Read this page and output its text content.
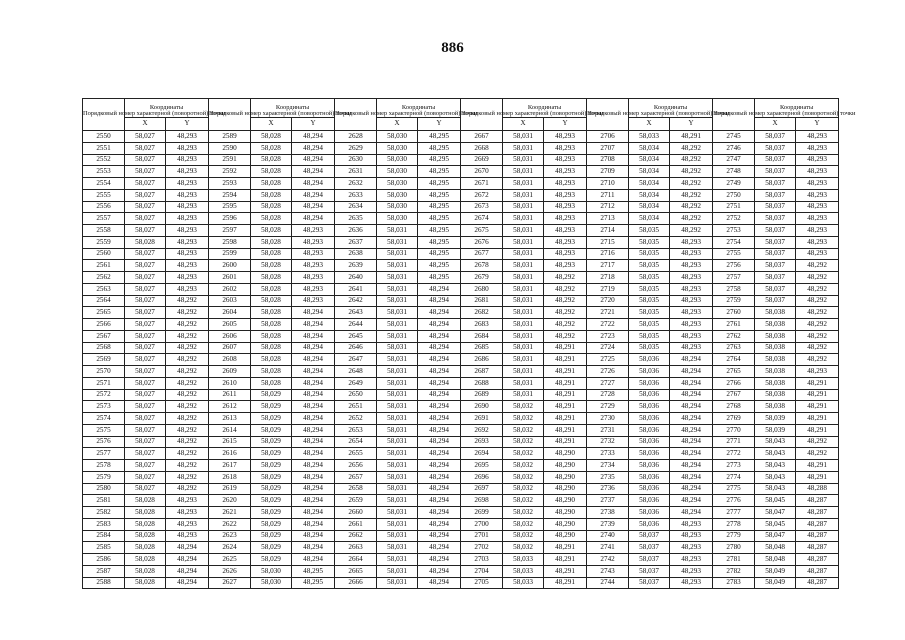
886
Порядковый номер характерной (поворотной) точки	Координаты		Порядковый номер характерной (поворотной) точки	Координаты		Порядковый номер характерной (поворотной) точки	Координаты		Порядковый номер характерной (поворотной) точки	Координаты		Порядковый номер характерной (поворотной) точки	Координаты		Порядковый номер характерной (поворотной) точки	Координаты	
	X	Y		X	Y		X	Y		X	Y		X	Y		X	Y
2550	58,027	48,293	2589	58,028	48,294	2628	58,030	48,295	2667	58,031	48,293	2706	58,033	48,291	2745	58,037	48,293
2551	58,027	48,293	2590	58,028	48,294	2629	58,030	48,295	2668	58,031	48,293	2707	58,034	48,292	2746	58,037	48,293
2552	58,027	48,293	2591	58,028	48,294	2630	58,030	48,295	2669	58,031	48,293	2708	58,034	48,292	2747	58,037	48,293
2553	58,027	48,293	2592	58,028	48,294	2631	58,030	48,295	2670	58,031	48,293	2709	58,034	48,292	2748	58,037	48,293
2554	58,027	48,293	2593	58,028	48,294	2632	58,030	48,295	2671	58,031	48,293	2710	58,034	48,292	2749	58,037	48,293
2555	58,027	48,293	2594	58,028	48,294	2633	58,030	48,295	2672	58,031	48,293	2711	58,034	48,292	2750	58,037	48,293
2556	58,027	48,293	2595	58,028	48,294	2634	58,030	48,295	2673	58,031	48,293	2712	58,034	48,292	2751	58,037	48,293
2557	58,027	48,293	2596	58,028	48,294	2635	58,030	48,295	2674	58,031	48,293	2713	58,034	48,292	2752	58,037	48,293
2558	58,027	48,293	2597	58,028	48,293	2636	58,031	48,295	2675	58,031	48,293	2714	58,035	48,292	2753	58,037	48,293
2559	58,028	48,293	2598	58,028	48,293	2637	58,031	48,295	2676	58,031	48,293	2715	58,035	48,293	2754	58,037	48,293
2560	58,027	48,293	2599	58,028	48,293	2638	58,031	48,295	2677	58,031	48,293	2716	58,035	48,293	2755	58,037	48,293
2561	58,027	48,293	2600	58,028	48,293	2639	58,031	48,295	2678	58,031	48,293	2717	58,035	48,293	2756	58,037	48,292
2562	58,027	48,293	2601	58,028	48,293	2640	58,031	48,295	2679	58,031	48,292	2718	58,035	48,293	2757	58,037	48,292
2563	58,027	48,293	2602	58,028	48,293	2641	58,031	48,294	2680	58,031	48,292	2719	58,035	48,293	2758	58,037	48,292
2564	58,027	48,292	2603	58,028	48,293	2642	58,031	48,294	2681	58,031	48,292	2720	58,035	48,293	2759	58,037	48,292
2565	58,027	48,292	2604	58,028	48,294	2643	58,031	48,294	2682	58,031	48,292	2721	58,035	48,293	2760	58,038	48,292
2566	58,027	48,292	2605	58,028	48,294	2644	58,031	48,294	2683	58,031	48,292	2722	58,035	48,293	2761	58,038	48,292
2567	58,027	48,292	2606	58,028	48,294	2645	58,031	48,294	2684	58,031	48,292	2723	58,035	48,293	2762	58,038	48,292
2568	58,027	48,292	2607	58,028	48,294	2646	58,031	48,294	2685	58,031	48,291	2724	58,035	48,293	2763	58,038	48,292
2569	58,027	48,292	2608	58,028	48,294	2647	58,031	48,294	2686	58,031	48,291	2725	58,036	48,294	2764	58,038	48,292
2570	58,027	48,292	2609	58,028	48,294	2648	58,031	48,294	2687	58,031	48,291	2726	58,036	48,294	2765	58,038	48,293
2571	58,027	48,292	2610	58,028	48,294	2649	58,031	48,294	2688	58,031	48,291	2727	58,036	48,294	2766	58,038	48,291
2572	58,027	48,292	2611	58,029	48,294	2650	58,031	48,294	2689	58,031	48,291	2728	58,036	48,294	2767	58,038	48,291
2573	58,027	48,292	2612	58,029	48,294	2651	58,031	48,294	2690	58,032	48,291	2729	58,036	48,294	2768	58,038	48,291
2574	58,027	48,292	2613	58,029	48,294	2652	58,031	48,294	2691	58,032	48,291	2730	58,036	48,294	2769	58,039	48,291
2575	58,027	48,292	2614	58,029	48,294	2653	58,031	48,294	2692	58,032	48,291	2731	58,036	48,294	2770	58,039	48,291
2576	58,027	48,292	2615	58,029	48,294	2654	58,031	48,294	2693	58,032	48,291	2732	58,036	48,294	2771	58,043	48,292
2577	58,027	48,292	2616	58,029	48,294	2655	58,031	48,294	2694	58,032	48,290	2733	58,036	48,294	2772	58,043	48,292
2578	58,027	48,292	2617	58,029	48,294	2656	58,031	48,294	2695	58,032	48,290	2734	58,036	48,294	2773	58,043	48,291
2579	58,027	48,292	2618	58,029	48,294	2657	58,031	48,294	2696	58,032	48,290	2735	58,036	48,294	2774	58,043	48,291
2580	58,027	48,292	2619	58,029	48,294	2658	58,031	48,294	2697	58,032	48,290	2736	58,036	48,294	2775	58,043	48,288
2581	58,028	48,293	2620	58,029	48,294	2659	58,031	48,294	2698	58,032	48,290	2737	58,036	48,294	2776	58,045	48,287
2582	58,028	48,293	2621	58,029	48,294	2660	58,031	48,294	2699	58,032	48,290	2738	58,036	48,294	2777	58,047	48,287
2583	58,028	48,293	2622	58,029	48,294	2661	58,031	48,294	2700	58,032	48,290	2739	58,036	48,293	2778	58,045	48,287
2584	58,028	48,293	2623	58,029	48,294	2662	58,031	48,294	2701	58,032	48,290	2740	58,037	48,293	2779	58,047	48,287
2585	58,028	48,294	2624	58,029	48,294	2663	58,031	48,294	2702	58,032	48,291	2741	58,037	48,293	2780	58,048	48,287
2586	58,028	48,294	2625	58,029	48,294	2664	58,031	48,294	2703	58,033	48,291	2742	58,037	48,293	2781	58,048	48,287
2587	58,028	48,294	2626	58,030	48,295	2665	58,031	48,294	2704	58,033	48,291	2743	58,037	48,293	2782	58,049	48,287
2588	58,028	48,294	2627	58,030	48,295	2666	58,031	48,294	2705	58,033	48,291	2744	58,037	48,293	2783	58,049	48,287
